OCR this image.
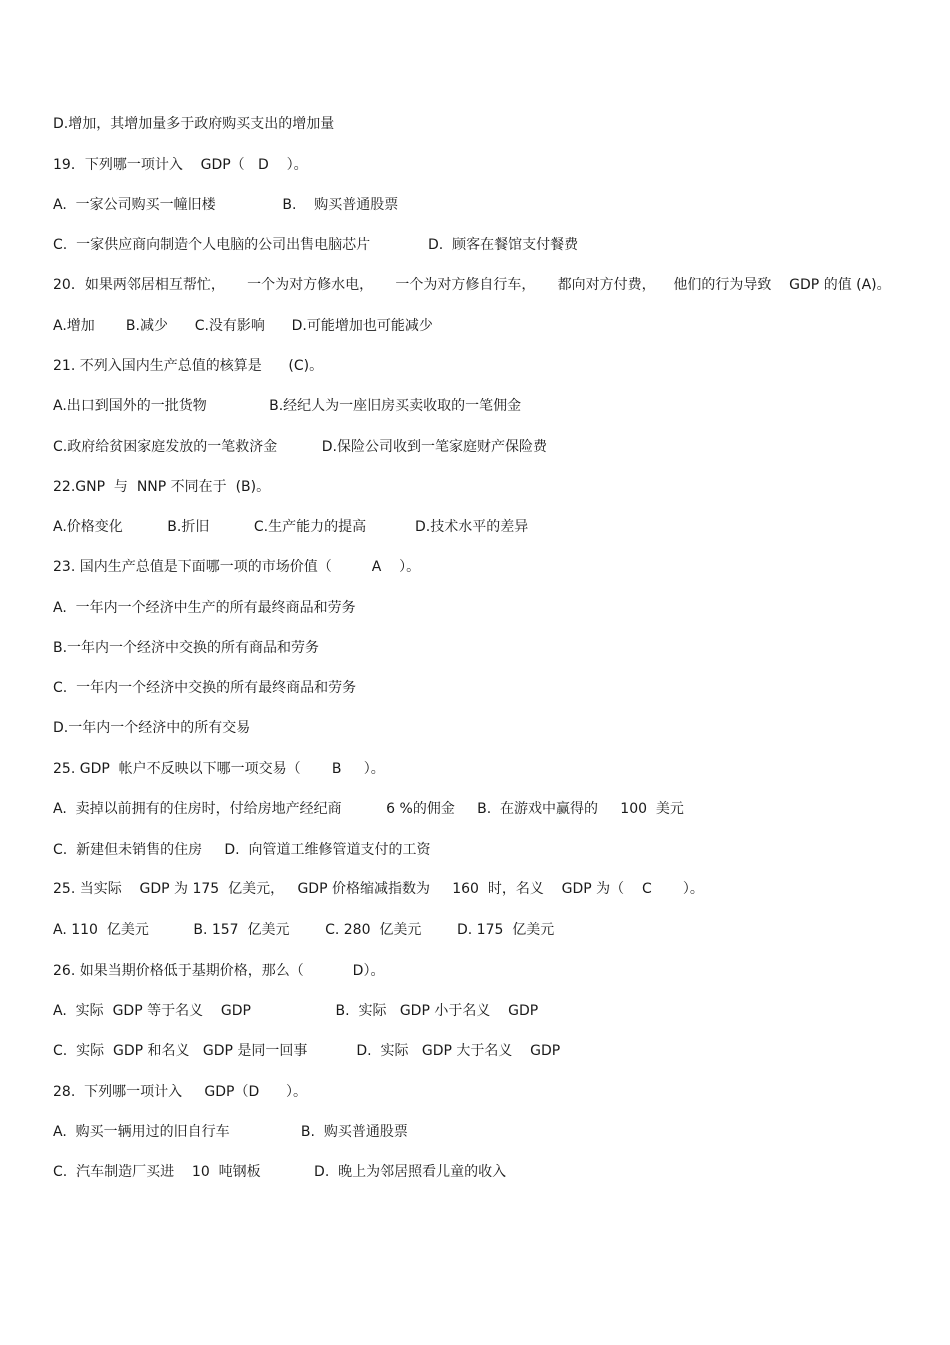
D.增加，其增加量多于政府购买支出的增加量
19．下列哪一项计入    GDP（   D    ）。
A.  一家公司购买一幢旧楼               B.    购买普通股票
C.  一家供应商向制造个人电脑的公司出售电脑芯片             D.  顾客在餐馆支付餐费
20．如果两邻居相互帮忙，     一个为对方修水电，     一个为对方修自行车，     都向对方付费，    他们的行为导致    GDP 的值 (A)。
A.增加       B.减少      C.没有影响      D.可能增加也可能减少
21. 不列入国内生产总值的核算是      (C)。
A.出口到国外的一批货物              B.经纪人为一座旧房买卖收取的一笔佣金
C.政府给贫困家庭发放的一笔救济金          D.保险公司收到一笔家庭财产保险费
22.GNP  与  NNP 不同在于  (B)。
A.价格变化          B.折旧          C.生产能力的提高           D.技术水平的差异
23. 国内生产总值是下面哪一项的市场价值（         A    ）。
A.  一年内一个经济中生产的所有最终商品和劳务
B.一年内一个经济中交换的所有商品和劳务
C.  一年内一个经济中交换的所有最终商品和劳务
D.一年内一个经济中的所有交易
25. GDP  帐户不反映以下哪一项交易（       B     ）。
A.  卖掉以前拥有的住房时，付给房地产经纪商          6 %的佣金     B.  在游戏中赢得的     100  美元
C.  新建但未销售的住房     D.  向管道工维修管道支付的工资
25. 当实际    GDP 为 175  亿美元，   GDP 价格缩减指数为     160  时，名义    GDP 为（    C       ）。
A. 110  亿美元          B. 157  亿美元        C. 280  亿美元        D. 175  亿美元
26. 如果当期价格低于基期价格，那么（           D）。
A.  实际  GDP 等于名义    GDP                   B.  实际   GDP 小于名义    GDP
C.  实际  GDP 和名义   GDP 是同一回事           D.  实际   GDP 大于名义    GDP
28.  下列哪一项计入     GDP（D      ）。
A.  购买一辆用过的旧自行车                B.  购买普通股票
C.  汽车制造厂买进    10  吨钢板            D.  晚上为邻居照看儿童的收入
